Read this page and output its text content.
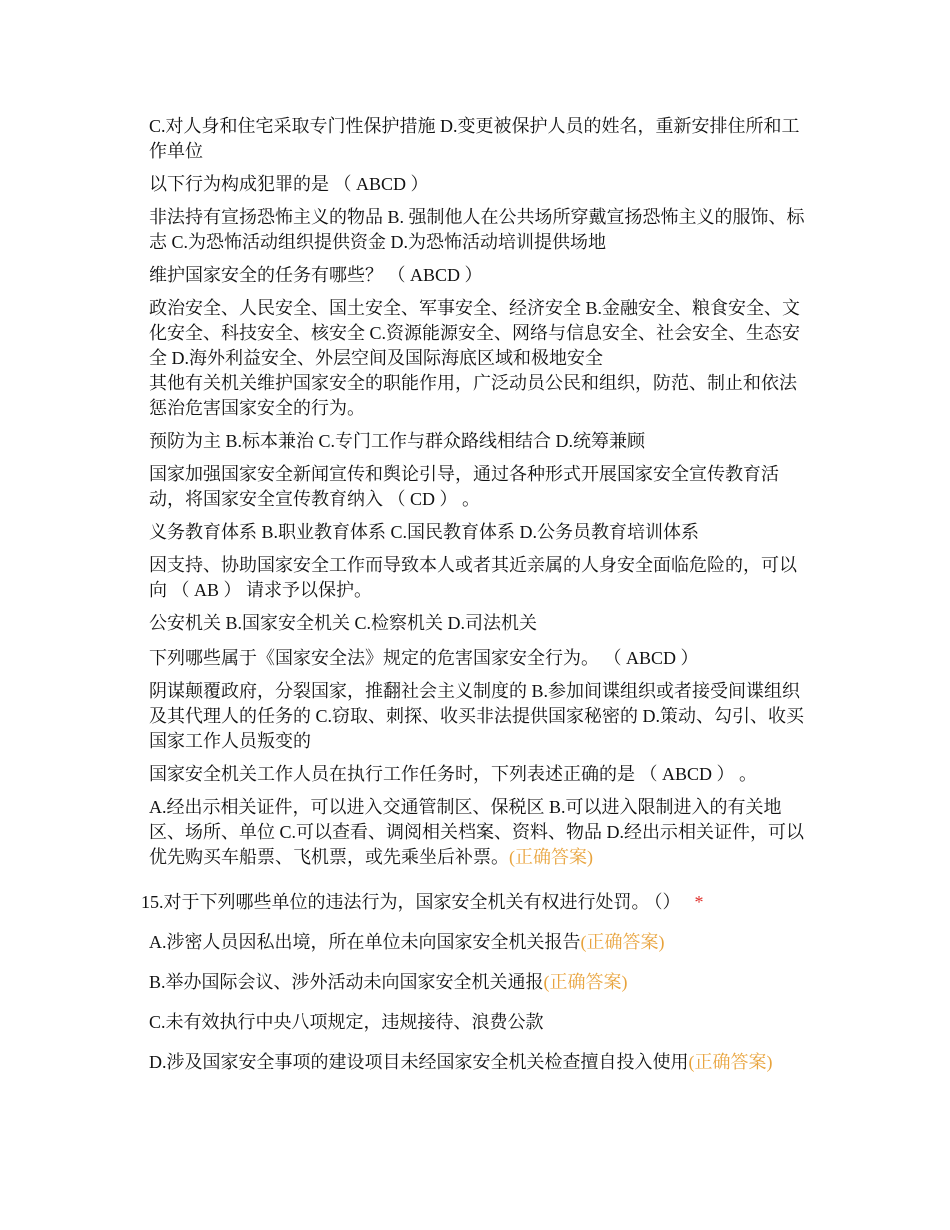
C.对人身和住宅采取专门性保护措施 D.变更被保护人员的姓名，重新安排住所和工作单位

以下行为构成犯罪的是 （ ABCD ）

非法持有宣扬恐怖主义的物品 B. 强制他人在公共场所穿戴宣扬恐怖主义的服饰、标志 C.为恐怖活动组织提供资金 D.为恐怖活动培训提供场地

维护国家安全的任务有哪些？ （ ABCD ）

政治安全、人民安全、国土安全、军事安全、经济安全 B.金融安全、粮食安全、文化安全、科技安全、核安全 C.资源能源安全、网络与信息安全、社会安全、生态安全 D.海外利益安全、外层空间及国际海底区域和极地安全

其他有关机关维护国家安全的职能作用，广泛动员公民和组织，防范、制止和依法惩治危害国家安全的行为。

预防为主 B.标本兼治 C.专门工作与群众路线相结合 D.统筹兼顾

国家加强国家安全新闻宣传和舆论引导，通过各种形式开展国家安全宣传教育活动，将国家安全宣传教育纳入 （ CD ） 。

义务教育体系 B.职业教育体系 C.国民教育体系 D.公务员教育培训体系

因支持、协助国家安全工作而导致本人或者其近亲属的人身安全面临危险的，可以向 （ AB ） 请求予以保护。

公安机关 B.国家安全机关 C.检察机关 D.司法机关

下列哪些属于《国家安全法》规定的危害国家安全行为。 （ ABCD ）

阴谋颠覆政府，分裂国家，推翻社会主义制度的 B.参加间谍组织或者接受间谍组织及其代理人的任务的 C.窃取、刺探、收买非法提供国家秘密的 D.策动、勾引、收买国家工作人员叛变的

国家安全机关工作人员在执行工作任务时，下列表述正确的是 （ ABCD ） 。

A.经出示相关证件，可以进入交通管制区、保税区 B.可以进入限制进入的有关地区、场所、单位 C.可以查看、调阅相关档案、资料、物品 D.经出示相关证件，可以优先购买车船票、飞机票，或先乘坐后补票。(正确答案)

15.对于下列哪些单位的违法行为，国家安全机关有权进行处罚。 （） *

A.涉密人员因私出境，所在单位未向国家安全机关报告(正确答案)

B.举办国际会议、涉外活动未向国家安全机关通报(正确答案)

C.未有效执行中央八项规定，违规接待、浪费公款

D.涉及国家安全事项的建设项目未经国家安全机关检查擅自投入使用(正确答案)
